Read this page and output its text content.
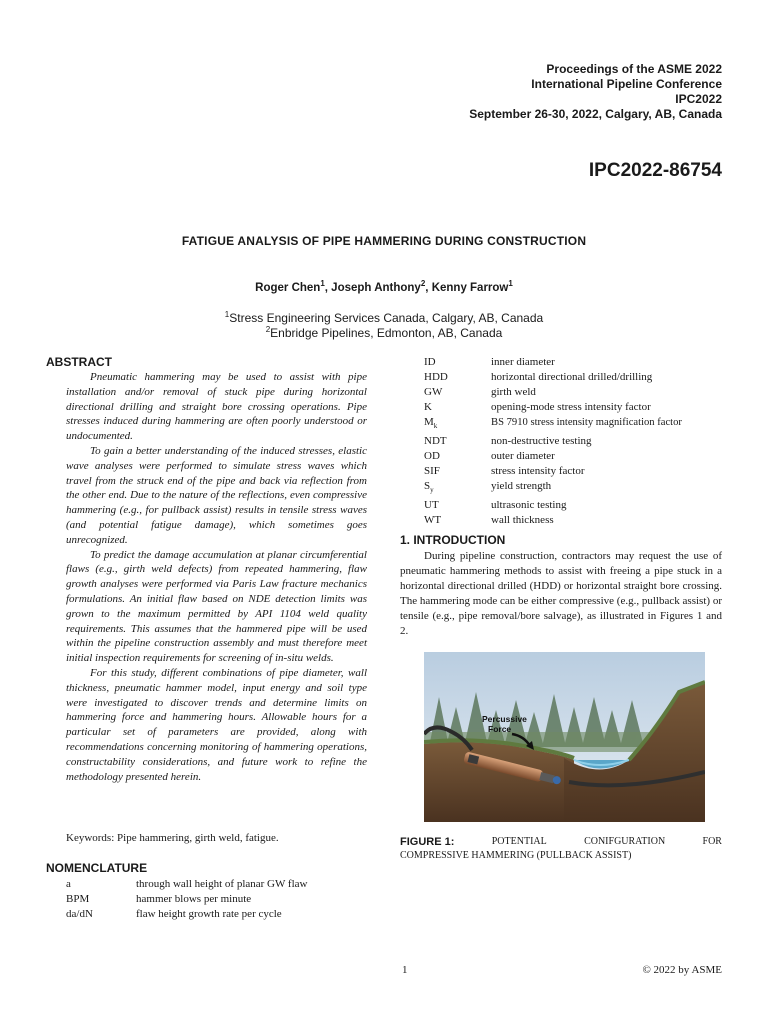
Proceedings of the ASME 2022
International Pipeline Conference
IPC2022
September 26-30, 2022, Calgary, AB, Canada
IPC2022-86754
FATIGUE ANALYSIS OF PIPE HAMMERING DURING CONSTRUCTION
Roger Chen$^1$, Joseph Anthony$^2$, Kenny Farrow$^1$
$^1$Stress Engineering Services Canada, Calgary, AB, Canada
$^2$Enbridge Pipelines, Edmonton, AB, Canada
ABSTRACT

Pneumatic hammering may be used to assist with pipe installation and/or removal of stuck pipe during horizontal directional drilling and straight bore crossing operations. Pipe stresses induced during hammering are often poorly understood or undocumented.

To gain a better understanding of the induced stresses, elastic wave analyses were performed to simulate stress waves which travel from the struck end of the pipe and back via reflection from the other end. Due to the nature of the reflections, even compressive hammering (e.g., for pullback assist) results in tensile stress waves (and potential fatigue damage), which sometimes goes unrecognized.

To predict the damage accumulation at planar circumferential flaws (e.g., girth weld defects) from repeated hammering, flaw growth analyses were performed via Paris Law fracture mechanics formulations. An initial flaw based on NDE detection limits was grown to the maximum permitted by API 1104 weld quality requirements. This assumes that the hammered pipe will be used within the pipeline construction assembly and must therefore meet initial inspection requirements for screening of in-situ welds.

For this study, different combinations of pipe diameter, wall thickness, pneumatic hammer model, input energy and soil type were investigated to discover trends and determine limits on hammering force and hammering hours. Allowable hours for a particular set of parameters are provided, along with recommendations concerning monitoring of hammering operations, constructability considerations, and future work to refine the methodology presented herein.

Keywords: Pipe hammering, girth weld, fatigue.
NOMENCLATURE
a	through wall height of planar GW flaw
BPM	hammer blows per minute
da/dN	flaw height growth rate per cycle
ID	inner diameter
HDD	horizontal directional drilled/drilling
GW	girth weld
K	opening-mode stress intensity factor
$M_k$	BS 7910 stress intensity magnification factor
NDT	non-destructive testing
OD	outer diameter
SIF	stress intensity factor
$S_y$	yield strength
UT	ultrasonic testing
WT	wall thickness
1. INTRODUCTION

During pipeline construction, contractors may request the use of pneumatic hammering methods to assist with freeing a pipe stuck in a horizontal directional drilled (HDD) or horizontal straight bore crossing. The hammering mode can be either compressive (e.g., pullback assist) or tensile (e.g., pipe removal/bore salvage), as illustrated in Figures 1 and 2.

Percussive
Force
FIGURE 1:	POTENTIAL	CONIFGURATION	FOR
COMPRESSIVE HAMMERING (PULLBACK ASSIST)
1	© 2022 by ASME
